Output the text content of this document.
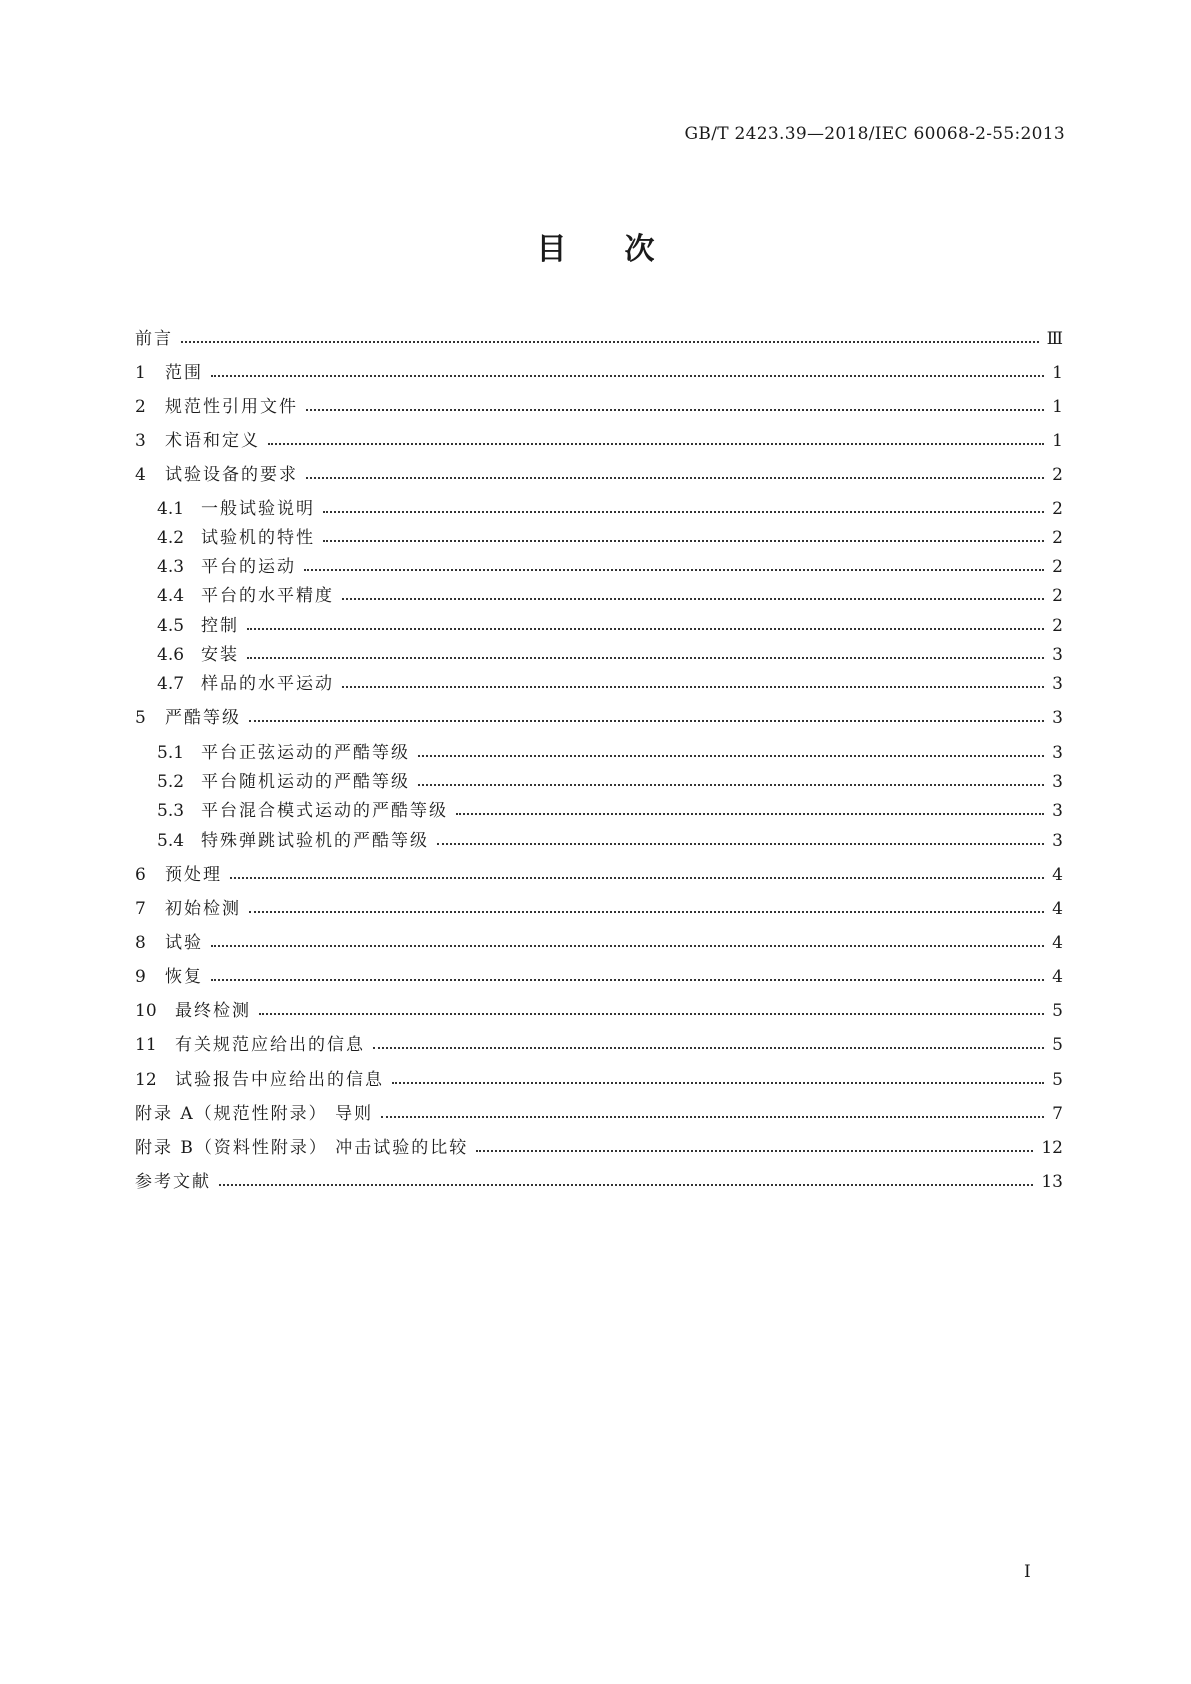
GB/T 2423.39—2018/IEC 60068-2-55:2013
目 次
前言	Ⅲ
1	范围	1
2	规范性引用文件	1
3	术语和定义	1
4	试验设备的要求	2
4.1 一般试验说明	2
4.2 试验机的特性	2
4.3 平台的运动	2
4.4 平台的水平精度	2
4.5 控制	2
4.6 安装	3
4.7 样品的水平运动	3
5	严酷等级	3
5.1 平台正弦运动的严酷等级	3
5.2 平台随机运动的严酷等级	3
5.3 平台混合模式运动的严酷等级	3
5.4 特殊弹跳试验机的严酷等级	3
6	预处理	4
7	初始检测	4
8	试验	4
9	恢复	4
10	最终检测	5
11	有关规范应给出的信息	5
12	试验报告中应给出的信息	5
附录 A（规范性附录） 导则	7
附录 B（资料性附录） 冲击试验的比较	12
参考文献	13
I
